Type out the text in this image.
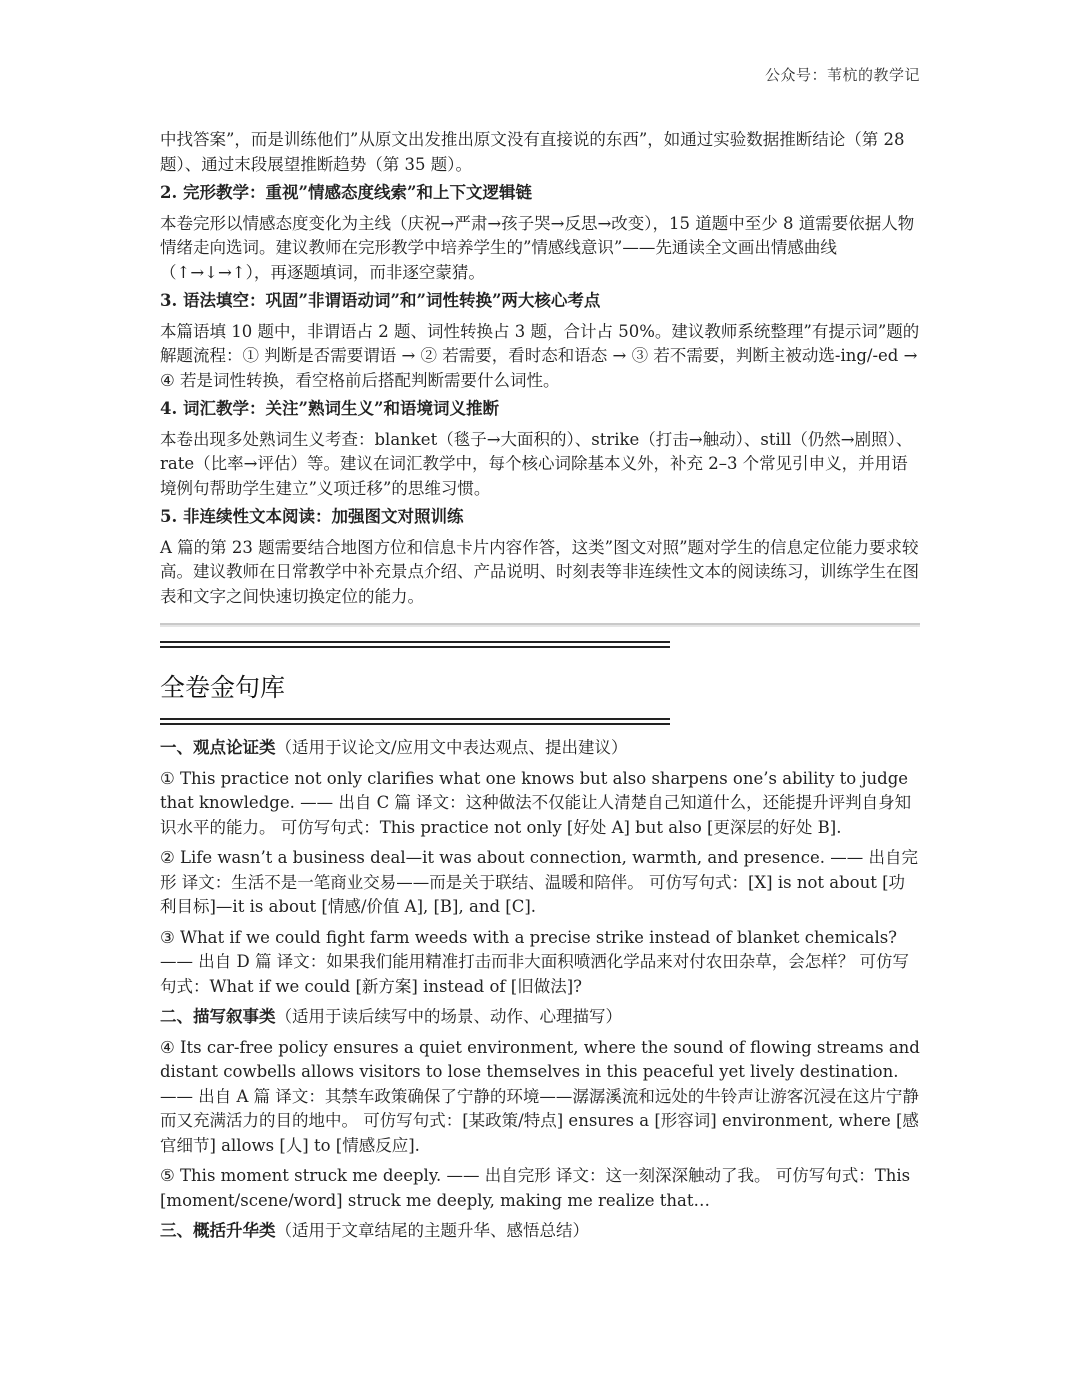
公众号：苇杭的教学记

中找答案”，而是训练他们”从原文出发推出原文没有直接说的东西”，如通过实验数据推断结论（第 28 题）、通过末段展望推断趋势（第 35 题）。

2. 完形教学：重视”情感态度线索”和上下文逻辑链

本卷完形以情感态度变化为主线（庆祝→严肃→孩子哭→反思→改变），15 道题中至少 8 道需要依据人物情绪走向选词。建议教师在完形教学中培养学生的”情感线意识”——先通读全文画出情感曲线（↑→↓→↑），再逐题填词，而非逐空蒙猜。

3. 语法填空：巩固”非谓语动词”和”词性转换”两大核心考点

本篇语填 10 题中，非谓语占 2 题、词性转换占 3 题，合计占 50%。建议教师系统整理”有提示词”题的解题流程：① 判断是否需要谓语 → ② 若需要，看时态和语态 → ③ 若不需要，判断主被动选-ing/-ed → ④ 若是词性转换，看空格前后搭配判断需要什么词性。

4. 词汇教学：关注”熟词生义”和语境词义推断

本卷出现多处熟词生义考查：blanket（毯子→大面积的）、strike（打击→触动）、still（仍然→剧照）、rate（比率→评估）等。建议在词汇教学中，每个核心词除基本义外，补充 2–3 个常见引申义，并用语境例句帮助学生建立”义项迁移”的思维习惯。

5. 非连续性文本阅读：加强图文对照训练

A 篇的第 23 题需要结合地图方位和信息卡片内容作答，这类”图文对照”题对学生的信息定位能力要求较高。建议教师在日常教学中补充景点介绍、产品说明、时刻表等非连续性文本的阅读练习，训练学生在图表和文字之间快速切换定位的能力。

全卷金句库

一、观点论证类（适用于议论文/应用文中表达观点、提出建议）

① This practice not only clarifies what one knows but also sharpens one’s ability to judge that knowledge. —— 出自 C 篇 译文：这种做法不仅能让人清楚自己知道什么，还能提升评判自身知识水平的能力。 可仿写句式：This practice not only [好处 A] but also [更深层的好处 B].

② Life wasn’t a business deal—it was about connection, warmth, and presence. —— 出自完形 译文：生活不是一笔商业交易——而是关于联结、温暖和陪伴。 可仿写句式：[X] is not about [功利目标]—it is about [情感/价值 A], [B], and [C].

③ What if we could fight farm weeds with a precise strike instead of blanket chemicals? —— 出自 D 篇 译文：如果我们能用精准打击而非大面积喷洒化学品来对付农田杂草，会怎样？ 可仿写句式：What if we could [新方案] instead of [旧做法]?

二、描写叙事类（适用于读后续写中的场景、动作、心理描写）

④ Its car-free policy ensures a quiet environment, where the sound of flowing streams and distant cowbells allows visitors to lose themselves in this peaceful yet lively destination. —— 出自 A 篇 译文：其禁车政策确保了宁静的环境——潺潺溪流和远处的牛铃声让游客沉浸在这片宁静而又充满活力的目的地中。 可仿写句式：[某政策/特点] ensures a [形容词] environment, where [感官细节] allows [人] to [情感反应].

⑤ This moment struck me deeply. —— 出自完形 译文：这一刻深深触动了我。 可仿写句式：This [moment/scene/word] struck me deeply, making me realize that…

三、概括升华类（适用于文章结尾的主题升华、感悟总结）
